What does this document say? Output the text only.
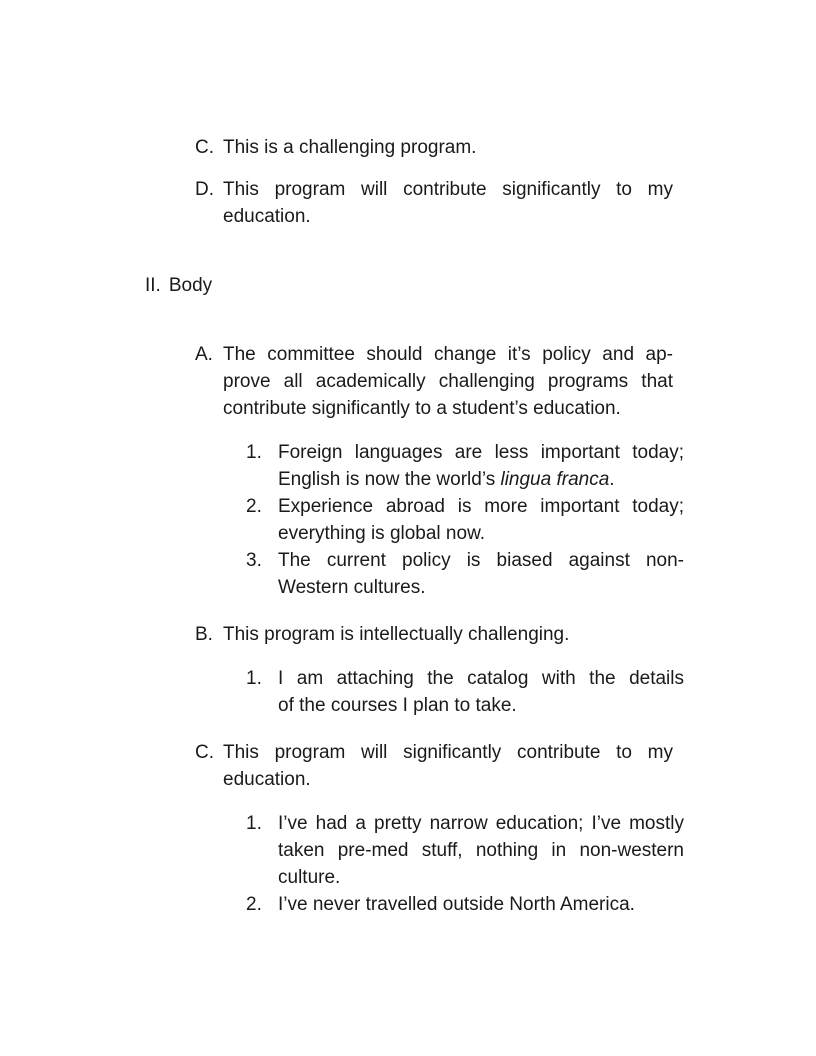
C. This is a challenging program.
D. This program will contribute significantly to my
education.
II. Body
A. The committee should change it’s policy and ap-
prove all academically challenging programs that
contribute significantly to a student’s education.
1. Foreign languages are less important today;
English is now the world’s lingua franca.
2. Experience abroad is more important today;
everything is global now.
3. The current policy is biased against non-
Western cultures.
B. This program is intellectually challenging.
1. I am attaching the catalog with the details
of the courses I plan to take.
C. This program will significantly contribute to my
education.
1. I’ve had a pretty narrow education; I’ve mostly
taken pre-med stuff, nothing in non-western
culture.
2. I’ve never travelled outside North America.
